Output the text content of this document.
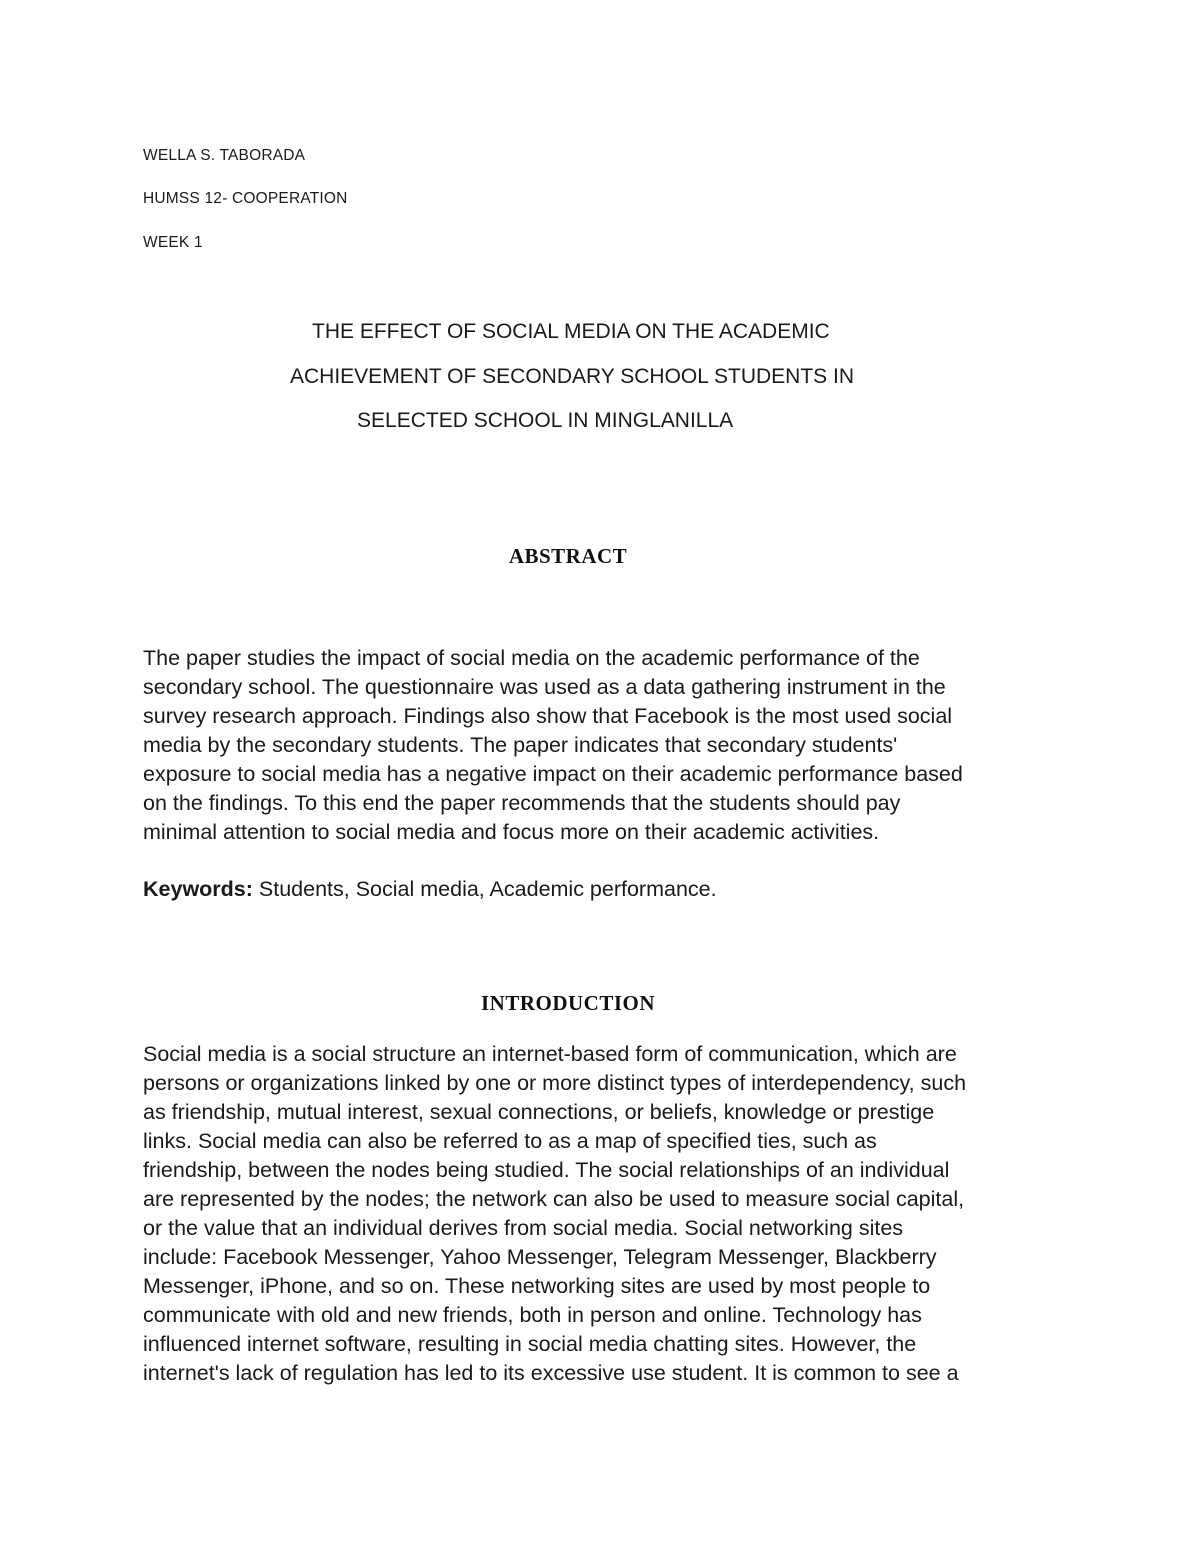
WELLA S. TABORADA
HUMSS 12- COOPERATION
WEEK 1
THE EFFECT OF SOCIAL MEDIA ON THE ACADEMIC
ACHIEVEMENT OF SECONDARY SCHOOL STUDENTS IN
SELECTED SCHOOL IN MINGLANILLA
ABSTRACT
The paper studies the impact of social media on the academic performance of the
secondary school. The questionnaire was used as a data gathering instrument in the
survey research approach. Findings also show that Facebook is the most used social
media by the secondary students. The paper indicates that secondary students'
exposure to social media has a negative impact on their academic performance based
on the findings. To this end the paper recommends that the students should pay
minimal attention to social media and focus more on their academic activities.
Keywords: Students, Social media, Academic performance.
INTRODUCTION
Social media is a social structure an internet-based form of communication, which are
persons or organizations linked by one or more distinct types of interdependency, such
as friendship, mutual interest, sexual connections, or beliefs, knowledge or prestige
links. Social media can also be referred to as a map of specified ties, such as
friendship, between the nodes being studied. The social relationships of an individual
are represented by the nodes; the network can also be used to measure social capital,
or the value that an individual derives from social media. Social networking sites
include: Facebook Messenger, Yahoo Messenger, Telegram Messenger, Blackberry
Messenger, iPhone, and so on. These networking sites are used by most people to
communicate with old and new friends, both in person and online. Technology has
influenced internet software, resulting in social media chatting sites. However, the
internet's lack of regulation has led to its excessive use student. It is common to see a
